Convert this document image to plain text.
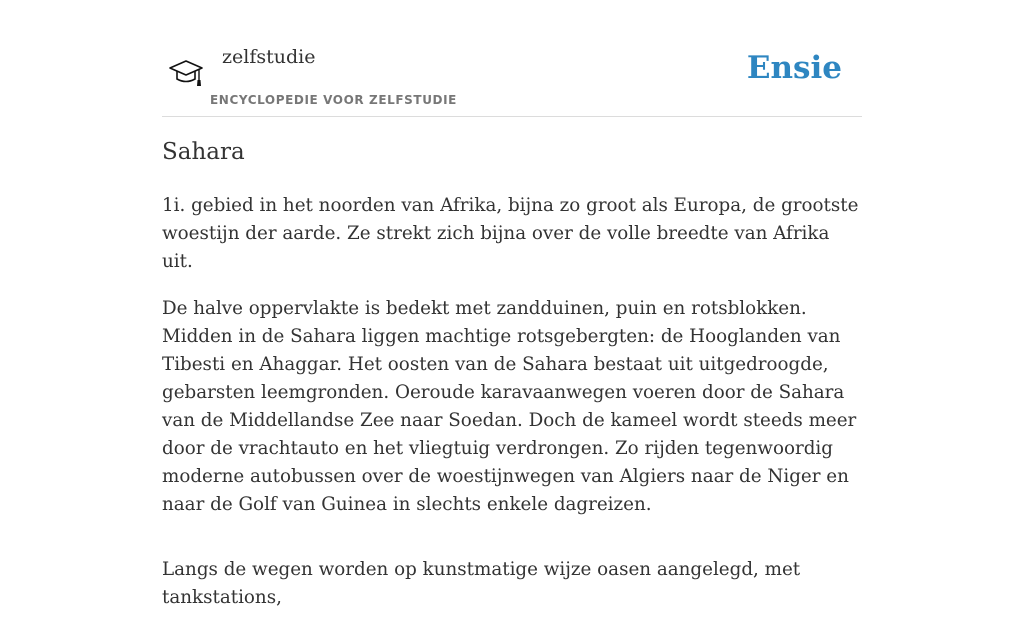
zelfstudie
ENCYCLOPEDIE VOOR ZELFSTUDIE
Ensie
Sahara

1i. gebied in het noorden van Afrika, bijna zo groot als Europa, de grootste woestijn der aarde. Ze strekt zich bijna over de volle breedte van Afrika uit.

De halve oppervlakte is bedekt met zandduinen, puin en rotsblokken. Midden in de Sahara liggen machtige rotsgebergten: de Hooglanden van Tibesti en Ahaggar. Het oosten van de Sahara bestaat uit uitgedroogde, gebarsten leemgronden. Oeroude karavaanwegen voeren door de Sahara van de Middellandse Zee naar Soedan. Doch de kameel wordt steeds meer door de vrachtauto en het vliegtuig verdrongen. Zo rijden tegenwoordig moderne autobussen over de woestijnwegen van Algiers naar de Niger en naar de Golf van Guinea in slechts enkele dagreizen.

Langs de wegen worden op kunstmatige wijze oasen aangelegd, met tankstations,
